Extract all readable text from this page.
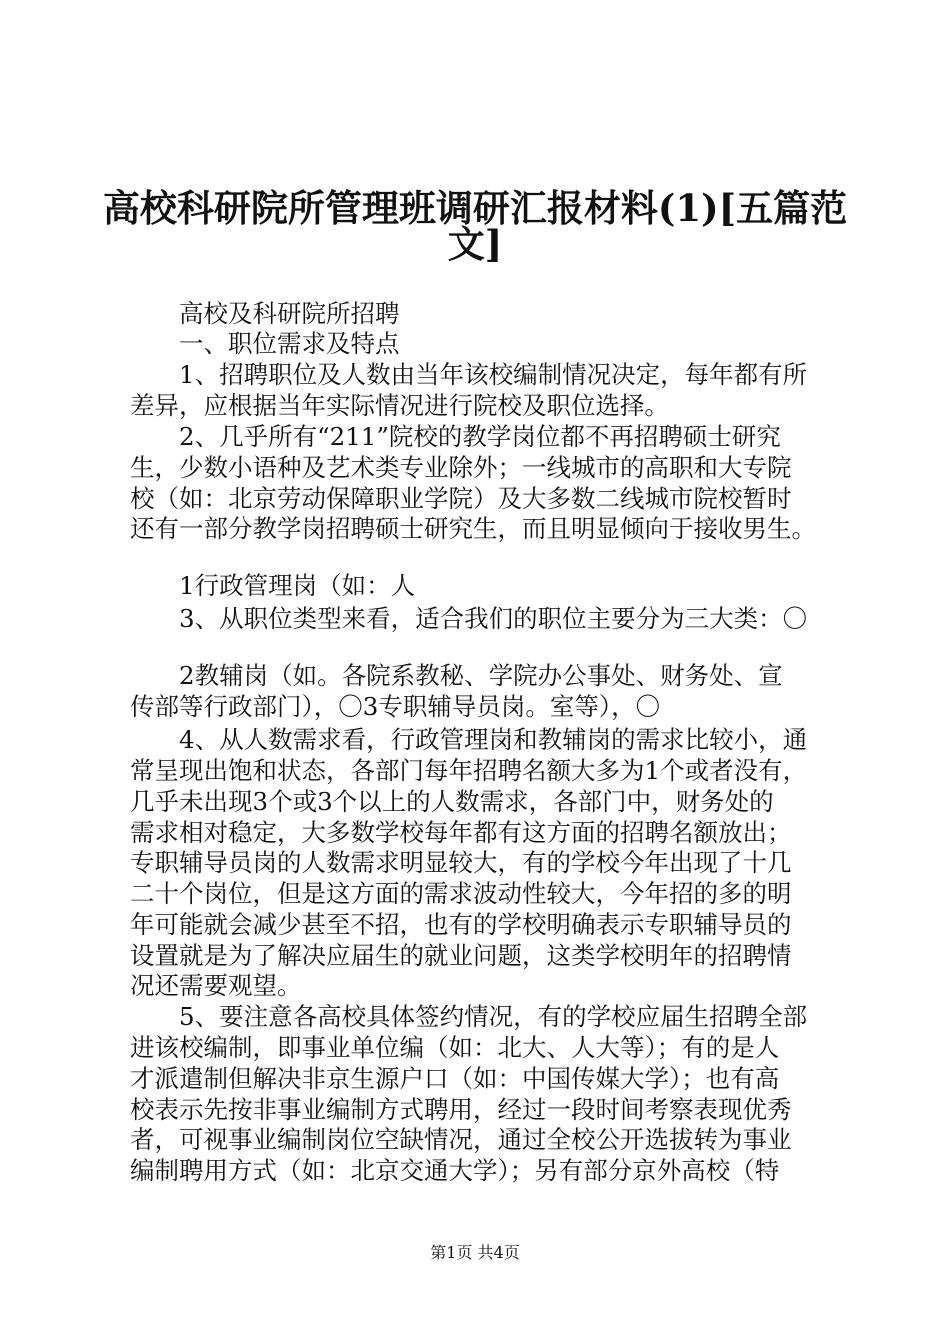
高校科研院所管理班调研汇报材料(1)[五篇范
文]
　　高校及科研院所招聘
　　一、职位需求及特点
　　1、招聘职位及人数由当年该校编制情况决定，每年都有所
差异，应根据当年实际情况进行院校及职位选择。
　　2、几乎所有“211”院校的教学岗位都不再招聘硕士研究
生，少数小语种及艺术类专业除外；一线城市的高职和大专院
校（如：北京劳动保障职业学院）及大多数二线城市院校暂时
还有一部分教学岗招聘硕士研究生，而且明显倾向于接收男生。
　　1行政管理岗（如：人
　　3、从职位类型来看，适合我们的职位主要分为三大类：〇
　　2教辅岗（如。各院系教秘、学院办公事处、财务处、宣
传部等行政部门），〇3专职辅导员岗。室等），〇
　　4、从人数需求看，行政管理岗和教辅岗的需求比较小，通
常呈现出饱和状态，各部门每年招聘名额大多为1个或者没有，
几乎未出现3个或3个以上的人数需求，各部门中，财务处的
需求相对稳定，大多数学校每年都有这方面的招聘名额放出；
专职辅导员岗的人数需求明显较大，有的学校今年出现了十几
二十个岗位，但是这方面的需求波动性较大，今年招的多的明
年可能就会减少甚至不招，也有的学校明确表示专职辅导员的
设置就是为了解决应届生的就业问题，这类学校明年的招聘情
况还需要观望。
　　5、要注意各高校具体签约情况，有的学校应届生招聘全部
进该校编制，即事业单位编（如：北大、人大等）；有的是人
才派遣制但解决非京生源户口（如：中国传媒大学）；也有高
校表示先按非事业编制方式聘用，经过一段时间考察表现优秀
者，可视事业编制岗位空缺情况，通过全校公开选拔转为事业
编制聘用方式（如：北京交通大学）；另有部分京外高校（特
第1页 共4页
